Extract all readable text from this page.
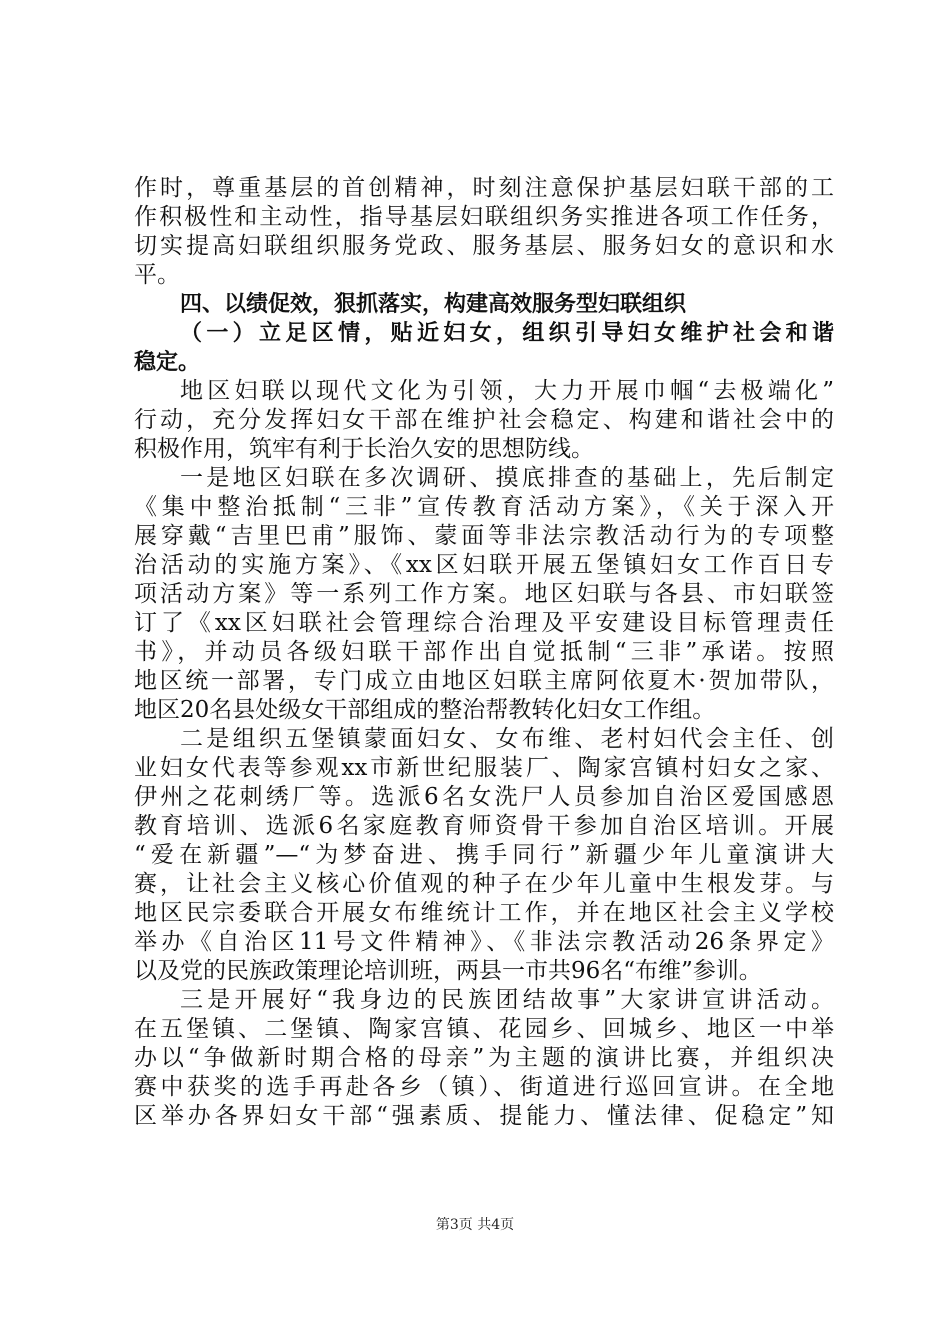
作时，尊重基层的首创精神，时刻注意保护基层妇联干部的工
作积极性和主动性，指导基层妇联组织务实推进各项工作任务，
切实提高妇联组织服务党政、服务基层、服务妇女的意识和水
平。
四、以绩促效，狠抓落实，构建高效服务型妇联组织
（一）立足区情，贴近妇女，组织引导妇女维护社会和谐
稳定。
地区妇联以现代文化为引领，大力开展巾帼“去极端化”
行动，充分发挥妇女干部在维护社会稳定、构建和谐社会中的
积极作用，筑牢有利于长治久安的思想防线。
一是地区妇联在多次调研、摸底排查的基础上，先后制定
《集中整治抵制“三非”宣传教育活动方案》，《关于深入开
展穿戴“吉里巴甫”服饰、蒙面等非法宗教活动行为的专项整
治活动的实施方案》、《xx区妇联开展五堡镇妇女工作百日专
项活动方案》等一系列工作方案。地区妇联与各县、市妇联签
订了《xx区妇联社会管理综合治理及平安建设目标管理责任
书》，并动员各级妇联干部作出自觉抵制“三非”承诺。按照
地区统一部署，专门成立由地区妇联主席阿依夏木·贺加带队，
地区20名县处级女干部组成的整治帮教转化妇女工作组。
二是组织五堡镇蒙面妇女、女布维、老村妇代会主任、创
业妇女代表等参观xx市新世纪服装厂、陶家宫镇村妇女之家、
伊州之花刺绣厂等。选派6名女洗尸人员参加自治区爱国感恩
教育培训、选派6名家庭教育师资骨干参加自治区培训。开展
“爱在新疆”—“为梦奋进、携手同行”新疆少年儿童演讲大
赛，让社会主义核心价值观的种子在少年儿童中生根发芽。与
地区民宗委联合开展女布维统计工作，并在地区社会主义学校
举办《自治区11号文件精神》、《非法宗教活动26条界定》
以及党的民族政策理论培训班，两县一市共96名“布维”参训。
三是开展好“我身边的民族团结故事”大家讲宣讲活动。
在五堡镇、二堡镇、陶家宫镇、花园乡、回城乡、地区一中举
办以“争做新时期合格的母亲”为主题的演讲比赛，并组织决
赛中获奖的选手再赴各乡（镇）、街道进行巡回宣讲。在全地
区举办各界妇女干部“强素质、提能力、懂法律、促稳定”知
第3页 共4页
